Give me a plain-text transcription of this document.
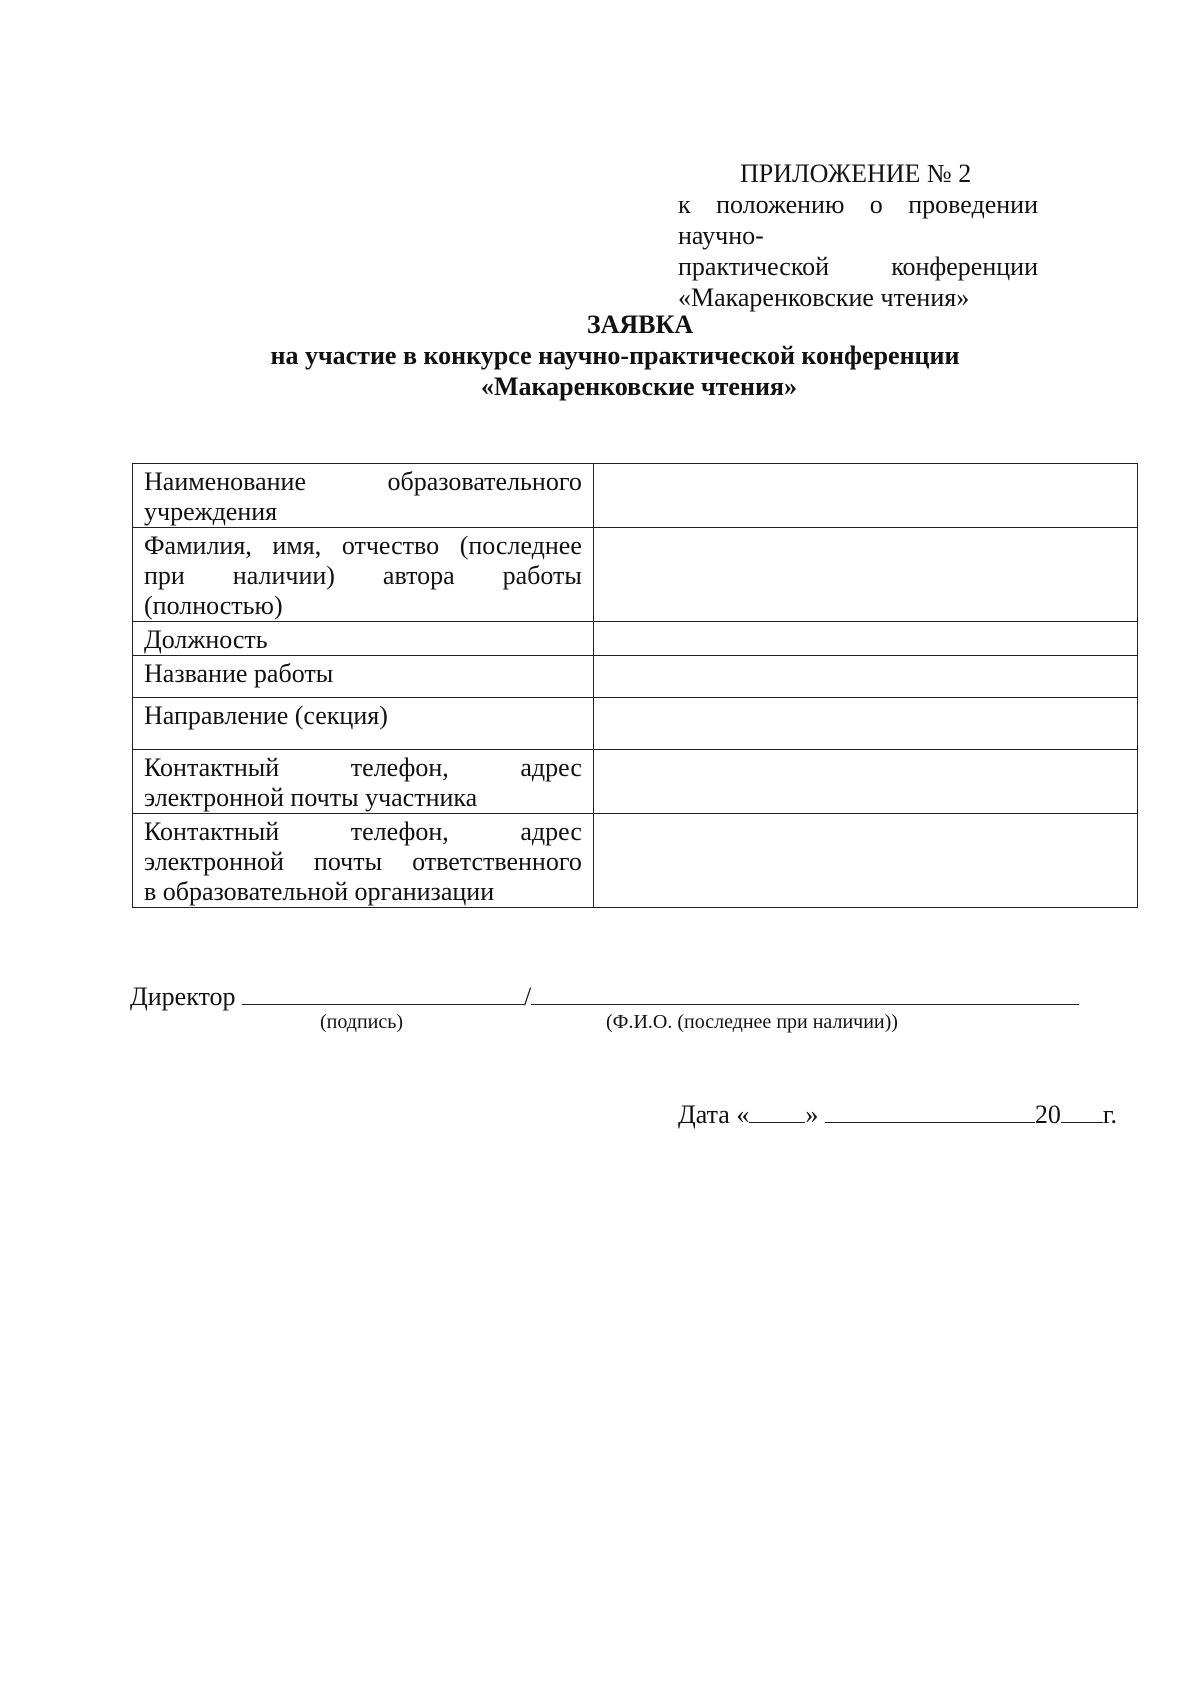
ПРИЛОЖЕНИЕ № 2
к положению о проведении научно-
практической конференции
«Макаренковские чтения»
ЗАЯВКА
на участие в конкурсе научно-практической конференции
«Макаренковские чтения»
Наименование образовательного
учреждения	

Фамилия, имя, отчество (последнее
при наличии) автора работы
(полностью)	

Должность	

Название работы	

Направление (секция)	

Контактный телефон, адрес
электронной почты участника	

Контактный телефон, адрес
электронной почты ответственного
в образовательной организации	

Директор	/
(подпись)	(Ф.И.О. (последнее при наличии))
Дата « »	20 г.
